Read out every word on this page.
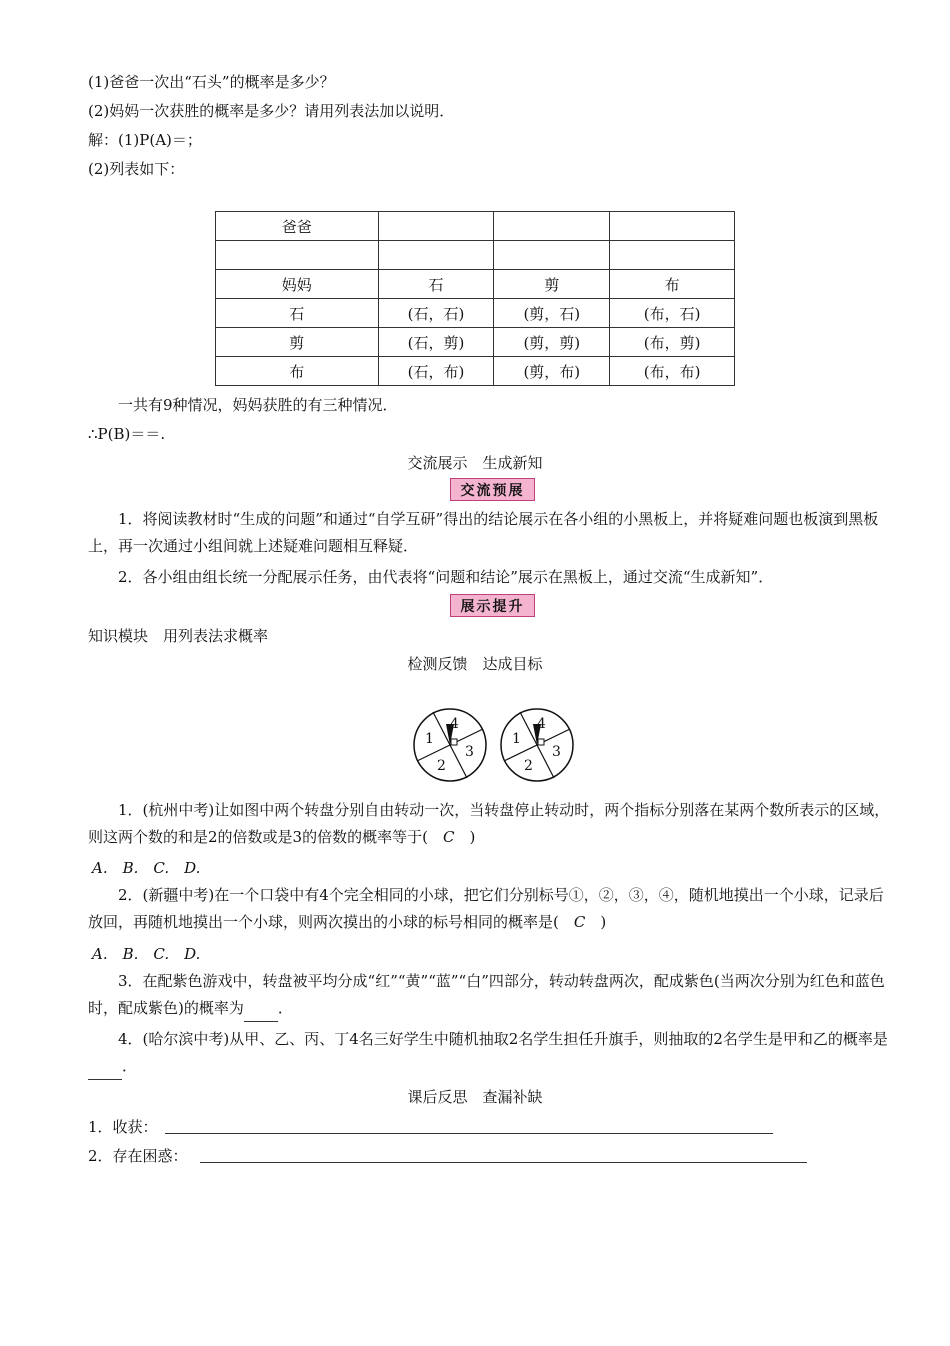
(1)爸爸一次出“石头”的概率是多少？
(2)妈妈一次获胜的概率是多少？请用列表法加以说明．
解：(1)P(A)＝；
(2)列表如下：
爸爸			

妈妈	石	剪	布
石	(石，石)	(剪，石)	(布，石)
剪	(石，剪)	(剪，剪)	(布，剪)
布	(石，布)	(剪，布)	(布，布)
一共有9种情况，妈妈获胜的有三种情况．
∴P(B)＝＝.
交流展示　生成新知
交流预展
1．将阅读教材时“生成的问题”和通过“自学互研”得出的结论展示在各小组的小黑板上，并将疑难问题也板演到黑板上，再一次通过小组间就上述疑难问题相互释疑．
2．各小组由组长统一分配展示任务，由代表将“问题和结论”展示在黑板上，通过交流“生成新知”．
展示提升
知识模块　用列表法求概率
检测反馈　达成目标
1
2
3
4
1
2
3
4
1．(杭州中考)让如图中两个转盘分别自由转动一次，当转盘停止转动时，两个指标分别落在某两个数所表示的区域，则这两个数的和是2的倍数或是3的倍数的概率等于(　 C　 )
A.　B.　C.　D.
2．(新疆中考)在一个口袋中有4个完全相同的小球，把它们分别标号①，②，③，④，随机地摸出一个小球，记录后放回，再随机地摸出一个小球，则两次摸出的小球的标号相同的概率是(　 C　 )
A.　B.　C.　D.
3．在配紫色游戏中，转盘被平均分成“红”“黄”“蓝”“白”四部分，转动转盘两次，配成紫色(当两次分别为红色和蓝色时，配成紫色)的概率为 ．
4．(哈尔滨中考)从甲、乙、丙、丁4名三好学生中随机抽取2名学生担任升旗手，则抽取的2名学生是甲和乙的概率是．
课后反思　查漏补缺
1．收获：
2．存在困惑：
